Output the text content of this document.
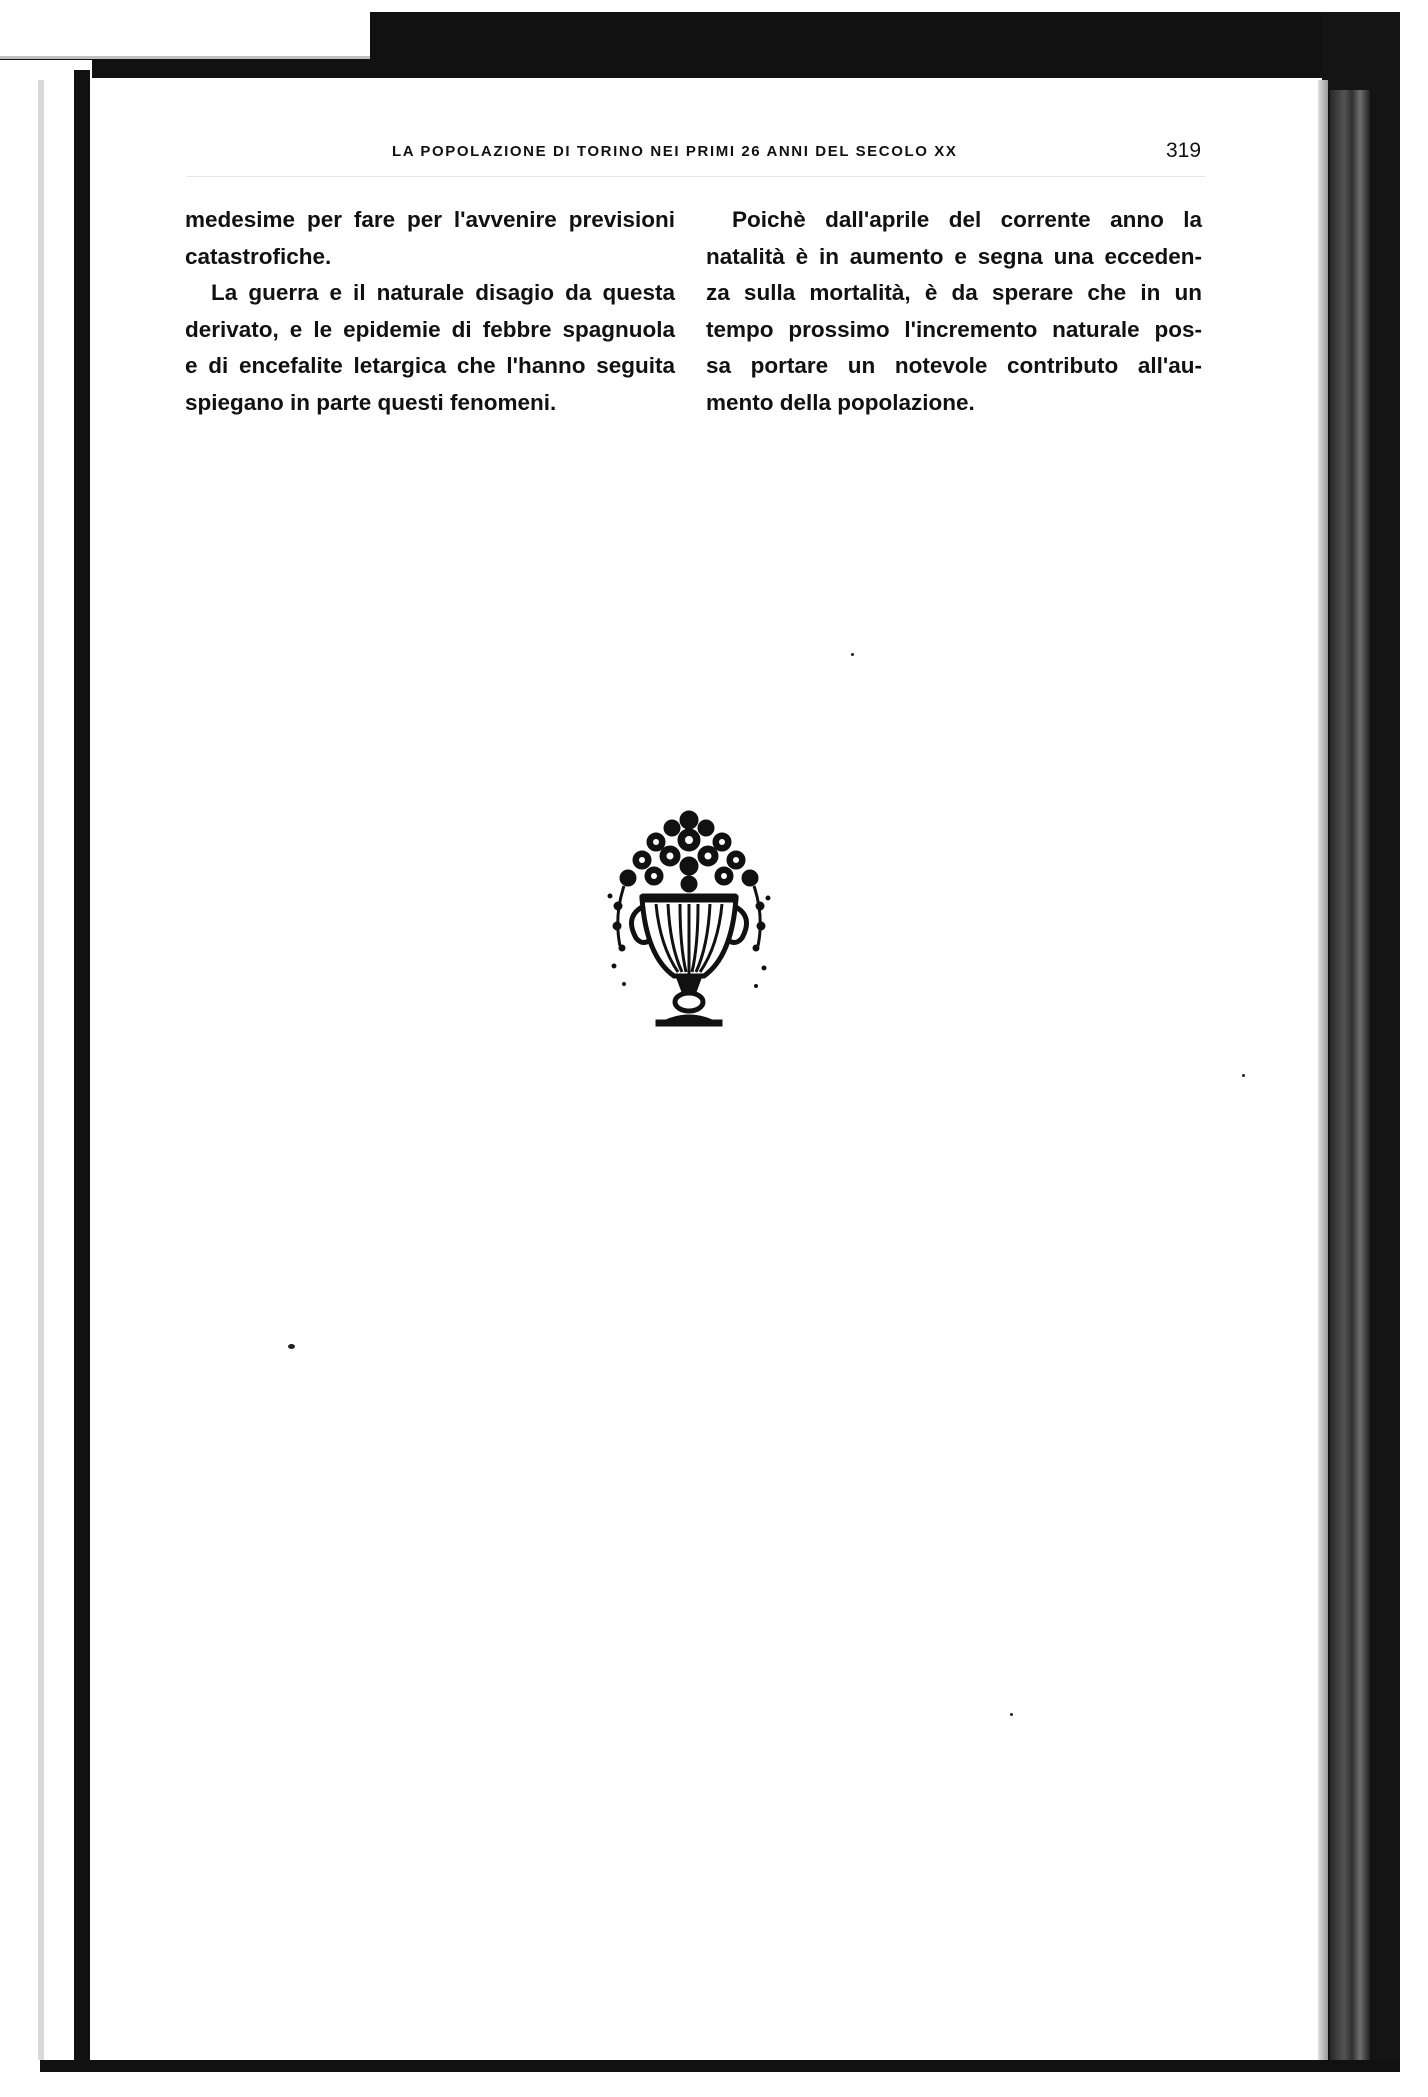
LA POPOLAZIONE DI TORINO NEI PRIMI 26 ANNI DEL SECOLO XX	319
medesime per fare per l'avvenire previsioni
catastrofiche.
La guerra e il naturale disagio da questa
derivato, e le epidemie di febbre spagnuola
e di encefalite letargica che l'hanno seguita
spiegano in parte questi fenomeni.
Poichè dall'aprile del corrente anno la
natalità è in aumento e segna una ecceden-
za sulla mortalità, è da sperare che in un
tempo prossimo l'incremento naturale pos-
sa portare un notevole contributo all'au-
mento della popolazione.
